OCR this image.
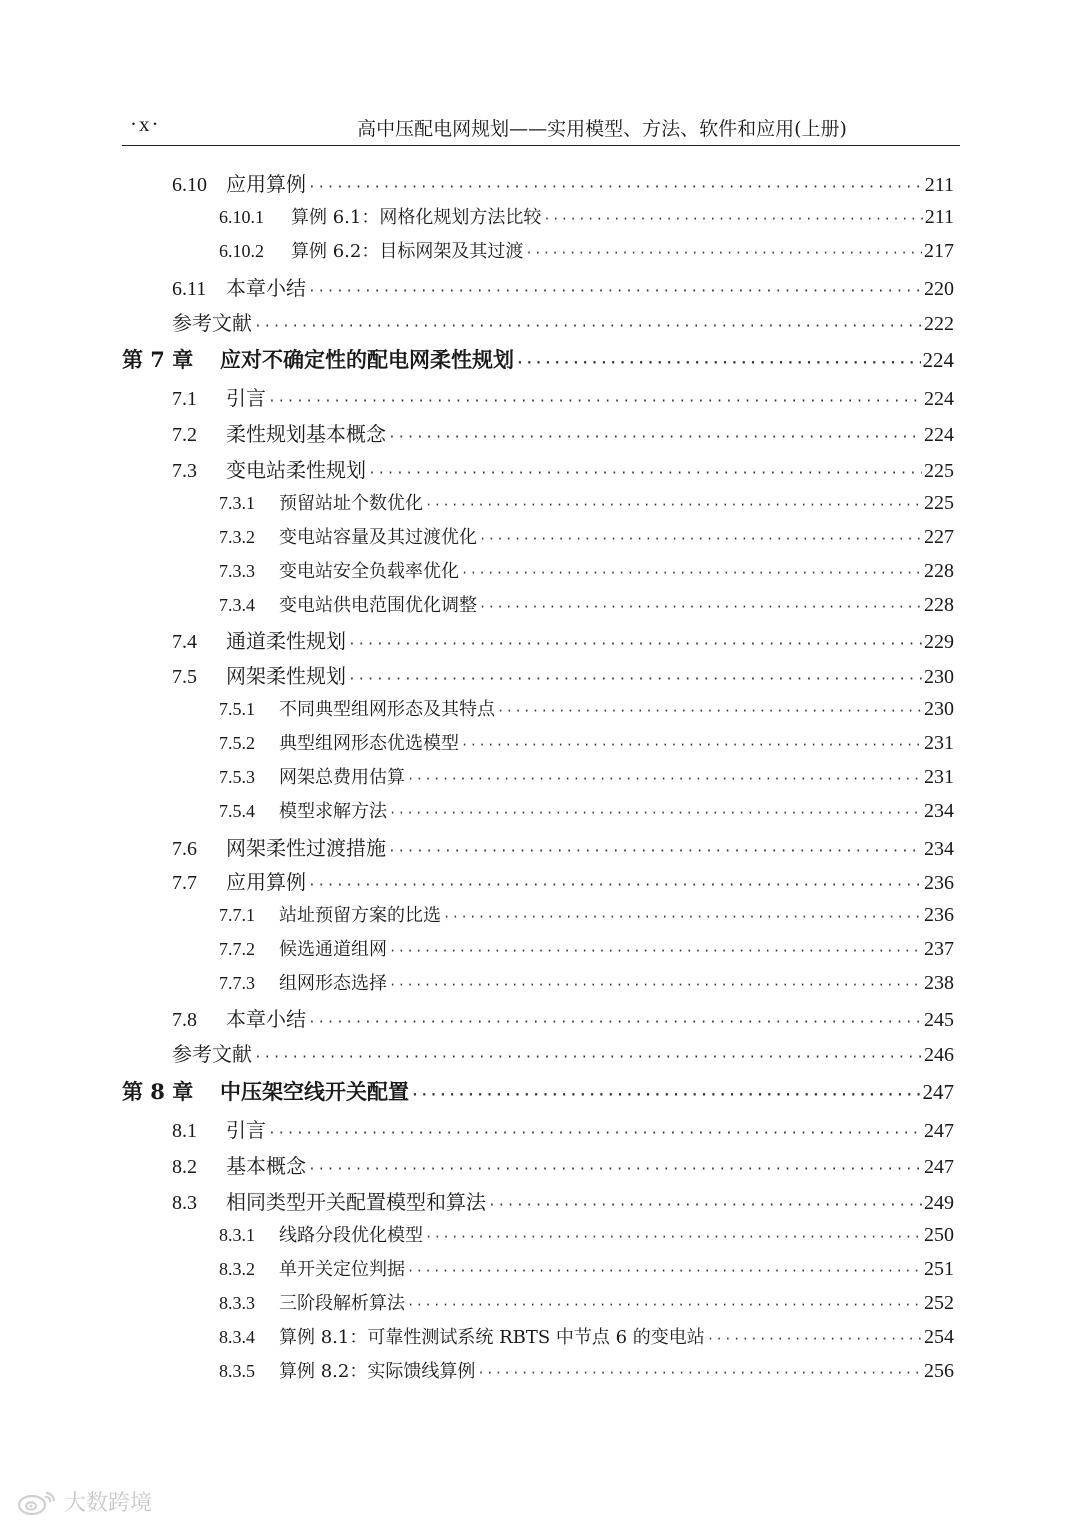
·x·	高中压配电网规划——实用模型、方法、软件和应用(上册)
6.10 应用算例 ·····	211
6.10.1	算例 6.1：网格化规划方法比较 ·····	211
6.10.2	算例 6.2：目标网架及其过渡 ·····	217
6.11 本章小结 ·····	220
参考文献 ·····	222
第 7 章	应对不确定性的配电网柔性规划 ·····	224
7.1	引言 ·····	224
7.2	柔性规划基本概念 ·····	224
7.3	变电站柔性规划 ·····	225
7.3.1	预留站址个数优化 ·····	225
7.3.2	变电站容量及其过渡优化 ·····	227
7.3.3	变电站安全负载率优化 ·····	228
7.3.4	变电站供电范围优化调整 ·····	228
7.4	通道柔性规划 ·····	229
7.5	网架柔性规划 ·····	230
7.5.1	不同典型组网形态及其特点 ·····	230
7.5.2	典型组网形态优选模型 ·····	231
7.5.3	网架总费用估算 ·····	231
7.5.4	模型求解方法 ·····	234
7.6	网架柔性过渡措施 ·····	234
7.7	应用算例 ·····	236
7.7.1	站址预留方案的比选 ·····	236
7.7.2	候选通道组网 ·····	237
7.7.3	组网形态选择 ·····	238
7.8	本章小结 ·····	245
参考文献 ·····	246
第 8 章	中压架空线开关配置 ·····	247
8.1	引言 ·····	247
8.2	基本概念 ·····	247
8.3	相同类型开关配置模型和算法 ·····	249
8.3.1	线路分段优化模型 ·····	250
8.3.2	单开关定位判据 ·····	251
8.3.3	三阶段解析算法 ·····	252
8.3.4	算例 8.1：可靠性测试系统 RBTS 中节点 6 的变电站 ·····	254
8.3.5	算例 8.2：实际馈线算例 ·····	256
大数跨境
